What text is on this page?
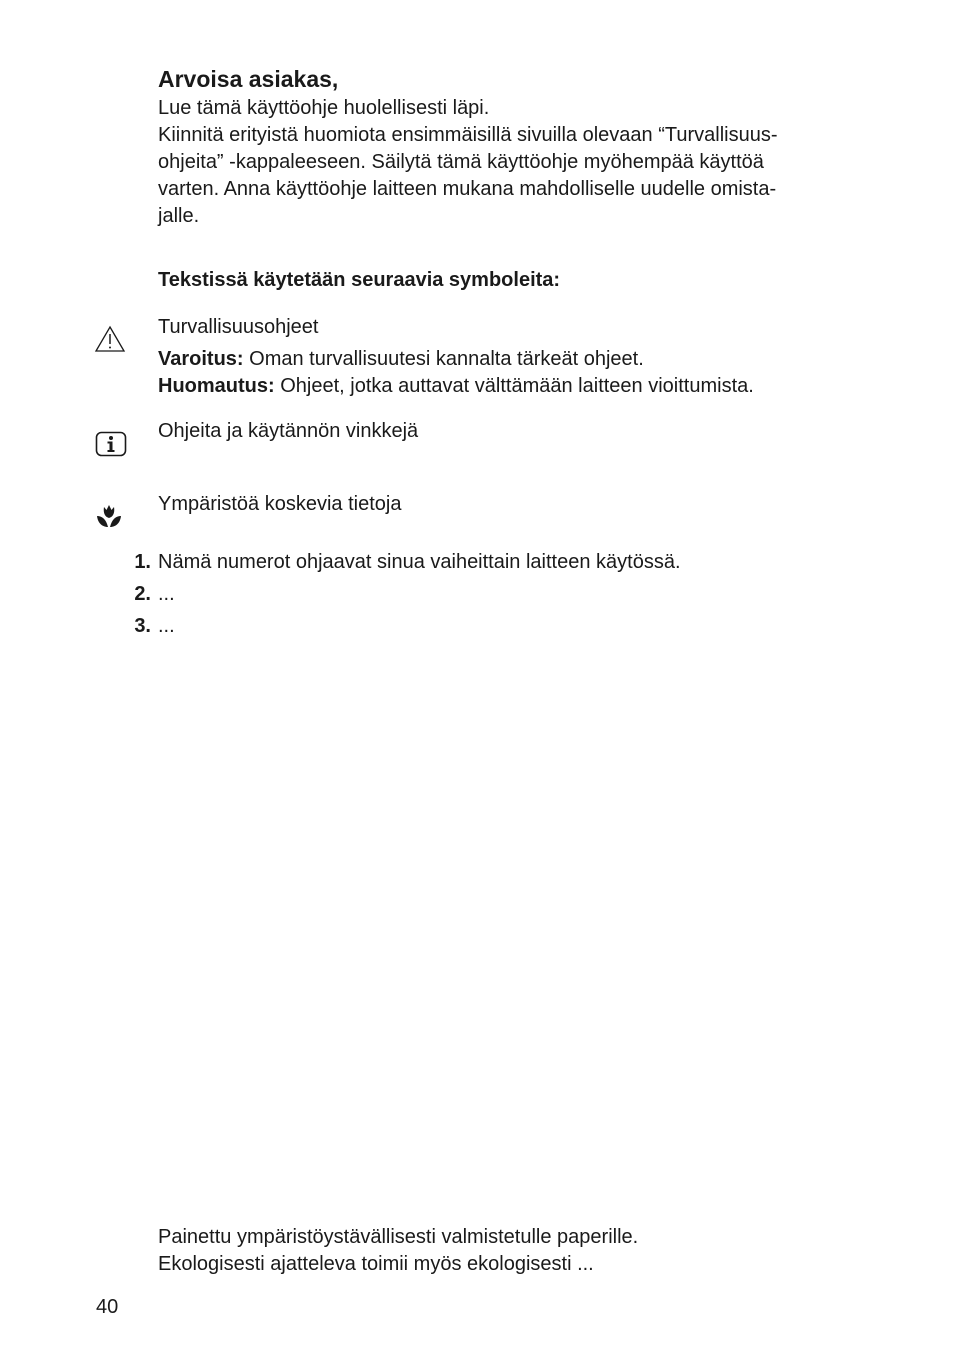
Arvoisa asiakas,
Lue tämä käyttöohje huolellisesti läpi.
Kiinnitä erityistä huomiota ensimmäisillä sivuilla olevaan “Turvallisuus-
ohjeita” -kappaleeseen. Säilytä tämä käyttöohje myöhempää käyttöä
varten. Anna käyttöohje laitteen mukana mahdolliselle uudelle omista-
jalle.
Tekstissä käytetään seuraavia symboleita:
Turvallisuusohjeet
Varoitus: Oman turvallisuutesi kannalta tärkeät ohjeet.
Huomautus: Ohjeet, jotka auttavat välttämään laitteen vioittumista.
Ohjeita ja käytännön vinkkejä
Ympäristöä koskevia tietoja
1. Nämä numerot ohjaavat sinua vaiheittain laitteen käytössä.
2. ...
3. ...
Painettu ympäristöystävällisesti valmistetulle paperille.
Ekologisesti ajatteleva toimii myös ekologisesti ...
40
